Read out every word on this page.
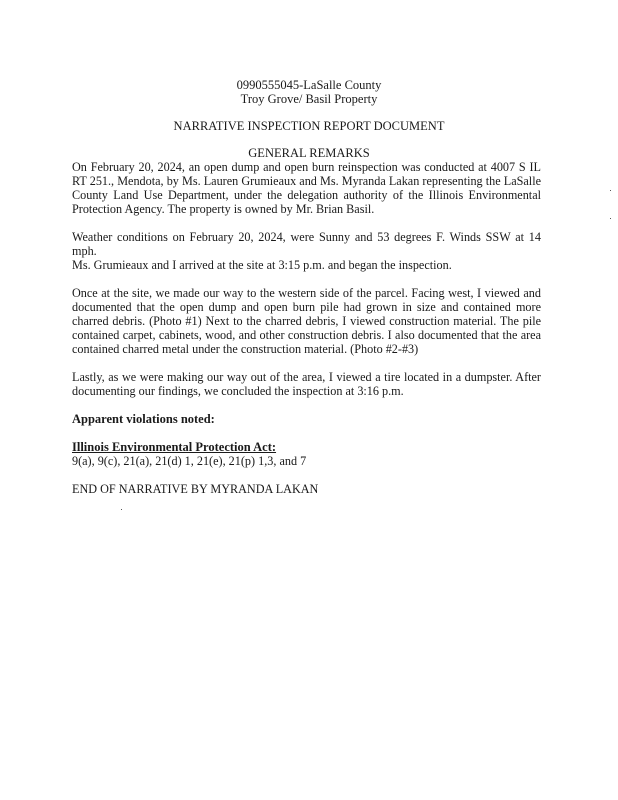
0990555045-LaSalle County
Troy Grove/ Basil Property
NARRATIVE INSPECTION REPORT DOCUMENT
GENERAL REMARKS
On February 20, 2024, an open dump and open burn reinspection was conducted at 4007 S IL RT 251., Mendota, by Ms. Lauren Grumieaux and Ms. Myranda Lakan representing the LaSalle County Land Use Department, under the delegation authority of the Illinois Environmental Protection Agency. The property is owned by Mr. Brian Basil.
Weather conditions on February 20, 2024, were Sunny and 53 degrees F. Winds SSW at 14 mph.
Ms. Grumieaux and I arrived at the site at 3:15 p.m. and began the inspection.
Once at the site, we made our way to the western side of the parcel. Facing west, I viewed and documented that the open dump and open burn pile had grown in size and contained more charred debris. (Photo #1) Next to the charred debris, I viewed construction material. The pile contained carpet, cabinets, wood, and other construction debris. I also documented that the area contained charred metal under the construction material. (Photo #2-#3)
Lastly, as we were making our way out of the area, I viewed a tire located in a dumpster. After documenting our findings, we concluded the inspection at 3:16 p.m.
Apparent violations noted:
Illinois Environmental Protection Act:
9(a), 9(c), 21(a), 21(d) 1, 21(e), 21(p) 1,3, and 7
END OF NARRATIVE BY MYRANDA LAKAN
